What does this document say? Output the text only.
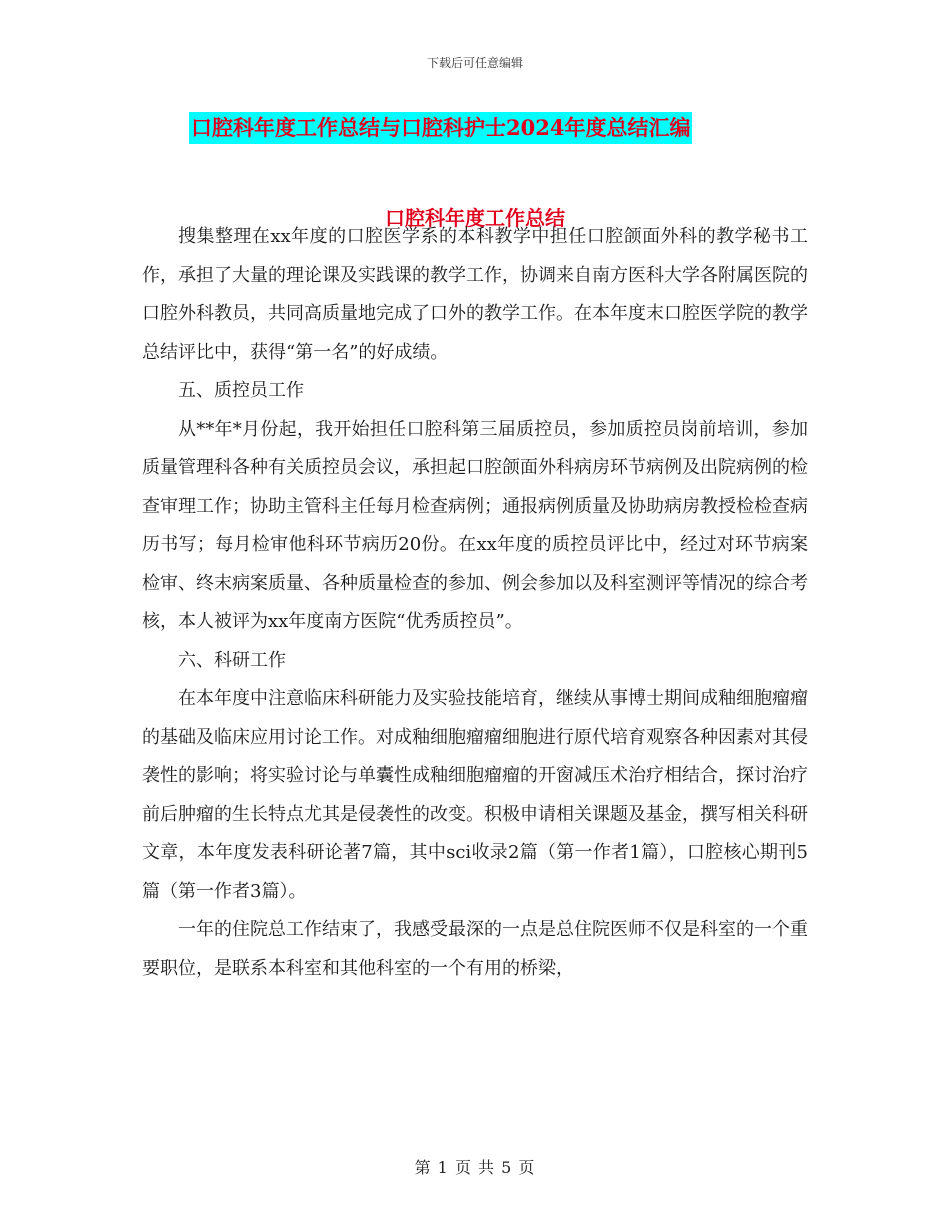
下载后可任意编辑
口腔科年度工作总结与口腔科护士2024年度总结汇编
口腔科年度工作总结

搜集整理在xx年度的口腔医学系的本科教学中担任口腔颌面外科的教学秘书工作，承担了大量的理论课及实践课的教学工作，协调来自南方医科大学各附属医院的口腔外科教员，共同高质量地完成了口外的教学工作。在本年度末口腔医学院的教学总结评比中，获得“第一名”的好成绩。

五、质控员工作

从**年*月份起，我开始担任口腔科第三届质控员，参加质控员岗前培训，参加质量管理科各种有关质控员会议，承担起口腔颌面外科病房环节病例及出院病例的检查审理工作；协助主管科主任每月检查病例；通报病例质量及协助病房教授检检查病历书写；每月检审他科环节病历20份。在xx年度的质控员评比中，经过对环节病案检审、终末病案质量、各种质量检查的参加、例会参加以及科室测评等情况的综合考核，本人被评为xx年度南方医院“优秀质控员”。

六、科研工作

在本年度中注意临床科研能力及实验技能培育，继续从事博士期间成釉细胞瘤瘤的基础及临床应用讨论工作。对成釉细胞瘤瘤细胞进行原代培育观察各种因素对其侵袭性的影响；将实验讨论与单囊性成釉细胞瘤瘤的开窗减压术治疗相结合，探讨治疗前后肿瘤的生长特点尤其是侵袭性的改变。积极申请相关课题及基金，撰写相关科研文章，本年度发表科研论著7篇，其中sci收录2篇（第一作者1篇），口腔核心期刊5篇（第一作者3篇）。

一年的住院总工作结束了，我感受最深的一点是总住院医师不仅是科室的一个重要职位，是联系本科室和其他科室的一个有用的桥梁，

第 1 页 共 5 页
